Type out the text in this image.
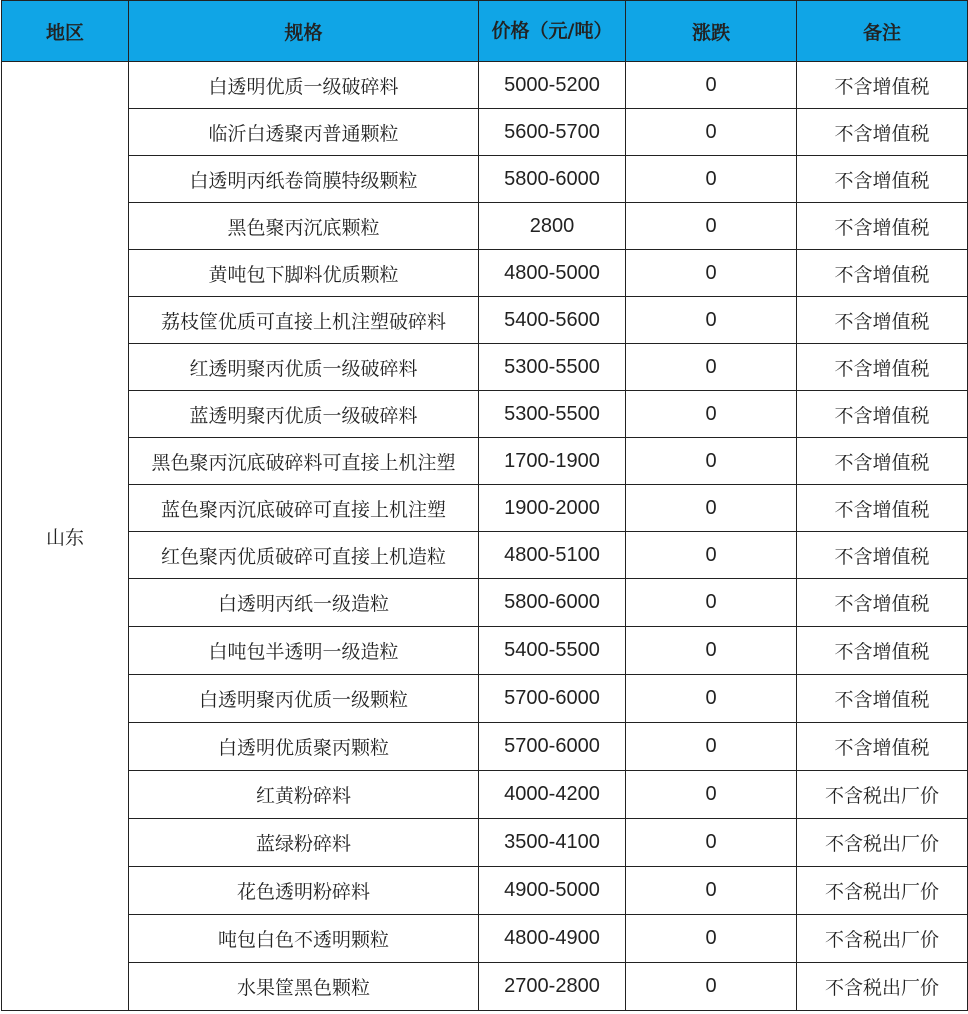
地区	规格	价格（元/吨）	涨跌	备注
山东	白透明优质一级破碎料	5000-5200	0	不含增值税
	临沂白透聚丙普通颗粒	5600-5700	0	不含增值税
	白透明丙纸卷筒膜特级颗粒	5800-6000	0	不含增值税
	黑色聚丙沉底颗粒	2800	0	不含增值税
	黄吨包下脚料优质颗粒	4800-5000	0	不含增值税
	荔枝筐优质可直接上机注塑破碎料	5400-5600	0	不含增值税
	红透明聚丙优质一级破碎料	5300-5500	0	不含增值税
	蓝透明聚丙优质一级破碎料	5300-5500	0	不含增值税
	黑色聚丙沉底破碎料可直接上机注塑	1700-1900	0	不含增值税
	蓝色聚丙沉底破碎可直接上机注塑	1900-2000	0	不含增值税
	红色聚丙优质破碎可直接上机造粒	4800-5100	0	不含增值税
	白透明丙纸一级造粒	5800-6000	0	不含增值税
	白吨包半透明一级造粒	5400-5500	0	不含增值税
	白透明聚丙优质一级颗粒	5700-6000	0	不含增值税
	白透明优质聚丙颗粒	5700-6000	0	不含增值税
	红黄粉碎料	4000-4200	0	不含税出厂价
	蓝绿粉碎料	3500-4100	0	不含税出厂价
	花色透明粉碎料	4900-5000	0	不含税出厂价
	吨包白色不透明颗粒	4800-4900	0	不含税出厂价
	水果筐黑色颗粒	2700-2800	0	不含税出厂价
